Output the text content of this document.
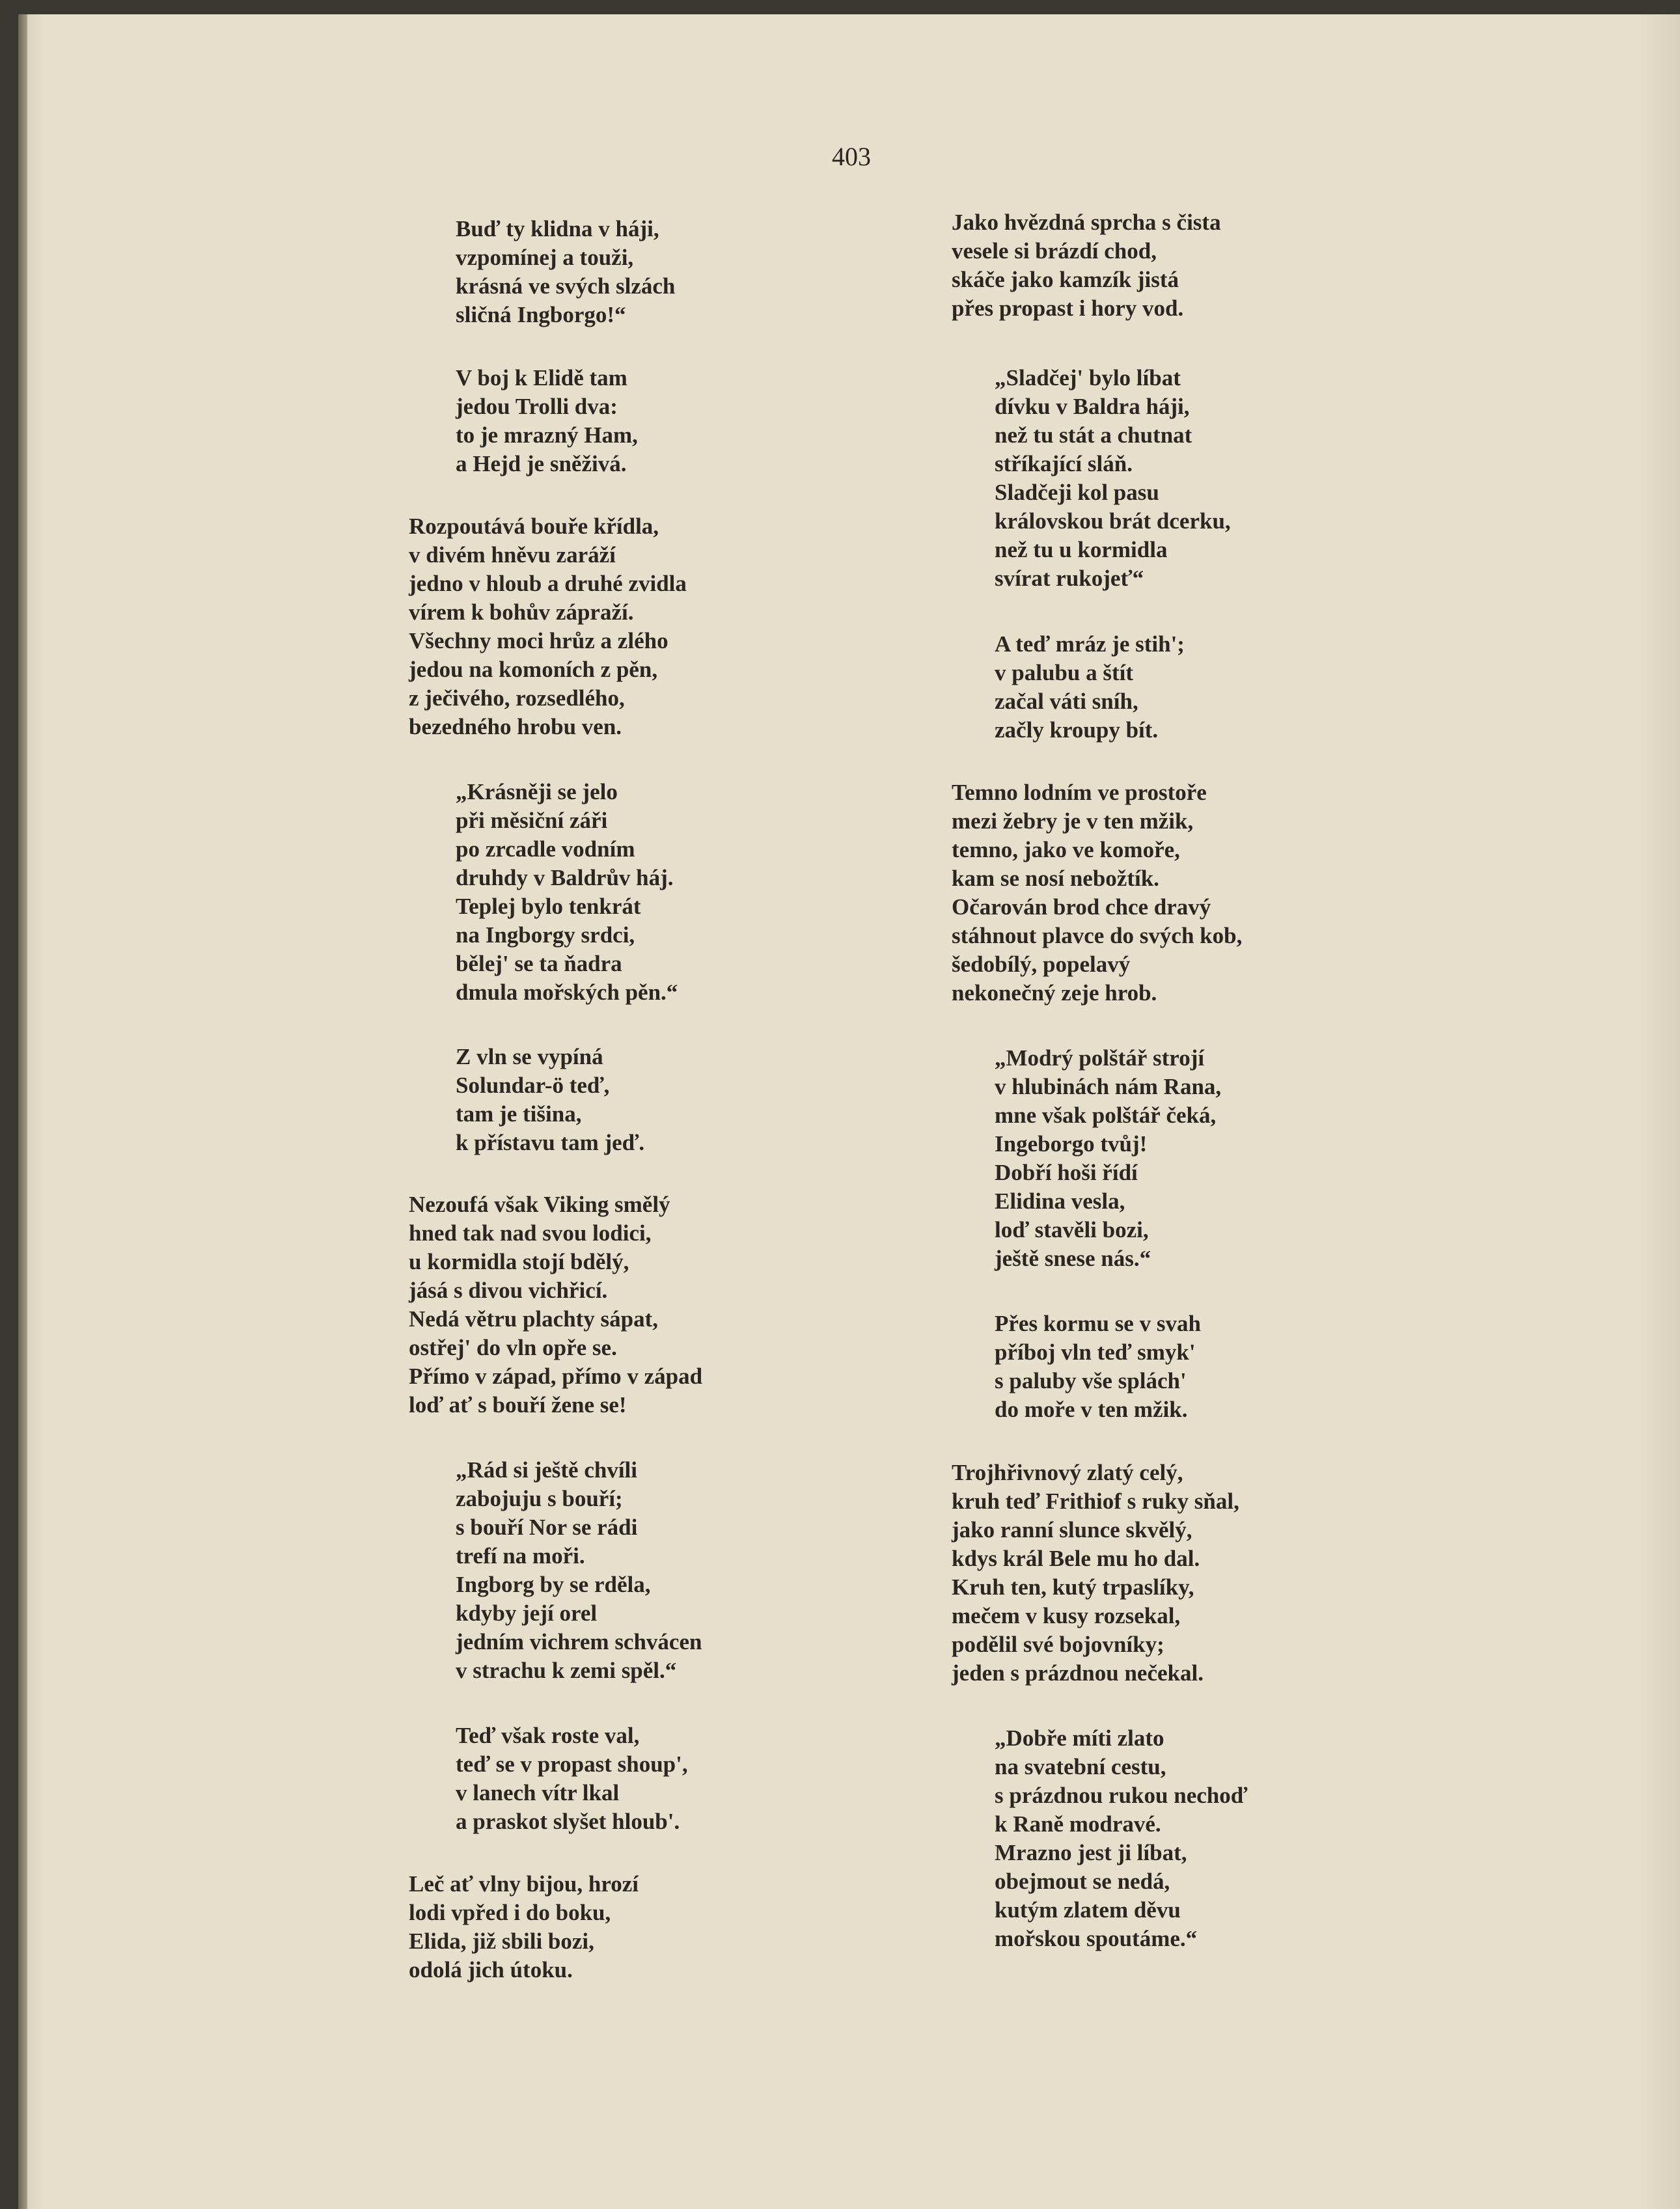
403
Buď ty klidna v háji,
vzpomínej a touži,
krásná ve svých slzách
sličná Ingborgo!“
V boj k Elidě tam
jedou Trolli dva:
to je mrazný Ham,
a Hejd je sněživá.
Rozpoutává bouře křídla,
v divém hněvu zaráží
jedno v hloub a druhé zvidla
vírem k bohův zápraží.
Všechny moci hrůz a zlého
jedou na komoních z pěn,
z ječivého, rozsedlého,
bezedného hrobu ven.
„Krásněji se jelo
při měsiční záři
po zrcadle vodním
druhdy v Baldrův háj.
Teplej bylo tenkrát
na Ingborgy srdci,
bělej' se ta ňadra
dmula mořských pěn.“
Z vln se vypíná
Solundar-ö teď,
tam je tišina,
k přístavu tam jeď.
Nezoufá však Viking smělý
hned tak nad svou lodici,
u kormidla stojí bdělý,
jásá s divou vichřicí.
Nedá větru plachty sápat,
ostřej' do vln opře se.
Přímo v západ, přímo v západ
loď ať s bouří žene se!
„Rád si ještě chvíli
zabojuju s bouří;
s bouří Nor se rádi
trefí na moři.
Ingborg by se rděla,
kdyby její orel
jedním vichrem schvácen
v strachu k zemi spěl.“
Teď však roste val,
teď se v propast shoup',
v lanech vítr lkal
a praskot slyšet hloub'.
Leč ať vlny bijou, hrozí
lodi vpřed i do boku,
Elida, již sbili bozi,
odolá jich útoku.
Jako hvězdná sprcha s čista
vesele si brázdí chod,
skáče jako kamzík jistá
přes propast i hory vod.
„Sladčej' bylo líbat
dívku v Baldra háji,
než tu stát a chutnat
stříkající sláň.
Sladčeji kol pasu
královskou brát dcerku,
než tu u kormidla
svírat rukojeť“
A teď mráz je stih';
v palubu a štít
začal váti sníh,
začly kroupy bít.
Temno lodním ve prostoře
mezi žebry je v ten mžik,
temno, jako ve komoře,
kam se nosí nebožtík.
Očarován brod chce dravý
stáhnout plavce do svých kob,
šedobílý, popelavý
nekonečný zeje hrob.
„Modrý polštář strojí
v hlubinách nám Rana,
mne však polštář čeká,
Ingeborgo tvůj!
Dobří hoši řídí
Elidina vesla,
loď stavěli bozi,
ještě snese nás.“
Přes kormu se v svah
příboj vln teď smyk'
s paluby vše splách'
do moře v ten mžik.
Trojhřivnový zlatý celý,
kruh teď Frithiof s ruky sňal,
jako ranní slunce skvělý,
kdys král Bele mu ho dal.
Kruh ten, kutý trpaslíky,
mečem v kusy rozsekal,
podělil své bojovníky;
jeden s prázdnou nečekal.
„Dobře míti zlato
na svatební cestu,
s prázdnou rukou nechoď
k Raně modravé.
Mrazno jest ji líbat,
obejmout se nedá,
kutým zlatem děvu
mořskou spoutáme.“
